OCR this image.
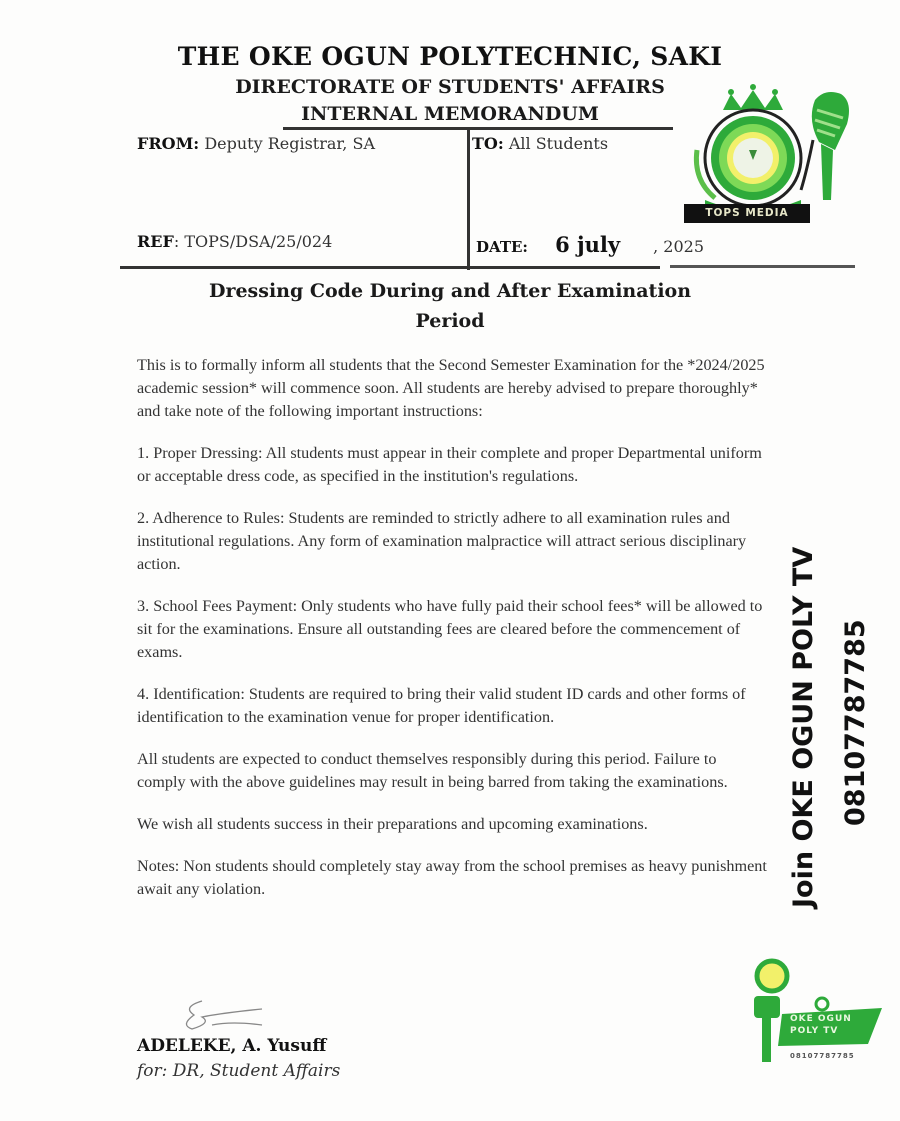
THE OKE OGUN POLYTECHNIC, SAKI
DIRECTORATE OF STUDENTS' AFFAIRS
INTERNAL MEMORANDUM
FROM: Deputy Registrar, SA	TO: All Students
REF: TOPS/DSA/25/024	DATE: 6 july , 2025
TOPS MEDIA
Dressing Code During and After Examination
Period

This is to formally inform all students that the Second Semester Examination for the *2024/2025 academic session* will commence soon. All students are hereby advised to prepare thoroughly* and take note of the following important instructions:

1. Proper Dressing: All students must appear in their complete and proper Departmental uniform or acceptable dress code, as specified in the institution's regulations.

2. Adherence to Rules: Students are reminded to strictly adhere to all examination rules and institutional regulations. Any form of examination malpractice will attract serious disciplinary action.

3. School Fees Payment: Only students who have fully paid their school fees* will be allowed to sit for the examinations. Ensure all outstanding fees are cleared before the commencement of exams.

4. Identification: Students are required to bring their valid student ID cards and other forms of identification to the examination venue for proper identification.

All students are expected to conduct themselves responsibly during this period. Failure to comply with the above guidelines may result in being barred from taking the examinations.

We wish all students success in their preparations and upcoming examinations.

Notes: Non students should completely stay away from the school premises as heavy punishment await any violation.

ADELEKE, A. Yusuff
for: DR, Student Affairs
Join OKE OGUN POLY TV 08107787785
OKE OGUN
POLY TV
08107787785
